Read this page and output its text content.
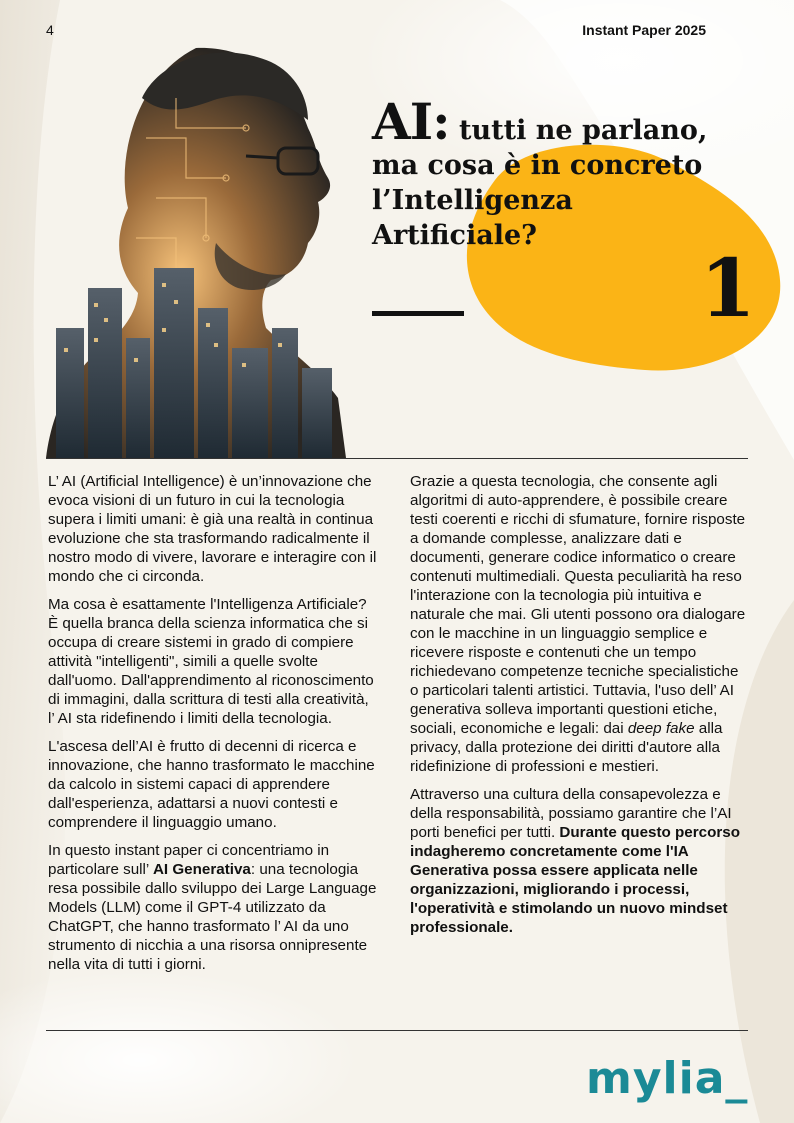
4	Instant Paper 2025
AI: tutti ne parlano,
ma cosa è in concreto
l’Intelligenza
Artificiale?
1

L’ AI (Artificial Intelligence) è un’innovazione che evoca visioni di un futuro in cui la tecnologia supera i limiti umani: è già una realtà in continua evoluzione che sta trasformando radicalmente il nostro modo di vivere, lavorare e interagire con il mondo che ci circonda.

Ma cosa è esattamente l'Intelligenza Artificiale? È quella branca della scienza informatica che si occupa di creare sistemi in grado di compiere attività "intelligenti", simili a quelle svolte dall'uomo. Dall'apprendimento al riconoscimento di immagini, dalla scrittura di testi alla creatività, l’ AI sta ridefinendo i limiti della tecnologia.

L'ascesa dell’AI è frutto di decenni di ricerca e innovazione, che hanno trasformato le macchine da calcolo in sistemi capaci di apprendere dall'esperienza, adattarsi a nuovi contesti e comprendere il linguaggio umano.

In questo instant paper ci concentriamo in particolare sull’ AI Generativa: una tecnologia resa possibile dallo sviluppo dei Large Language Models (LLM) come il GPT-4 utilizzato da ChatGPT, che hanno trasformato l’ AI da uno strumento di nicchia a una risorsa onnipresente nella vita di tutti i giorni.

Grazie a questa tecnologia, che consente agli algoritmi di auto-apprendere, è possibile creare testi coerenti e ricchi di sfumature, fornire risposte a domande complesse, analizzare dati e documenti, generare codice informatico o creare contenuti multimediali. Questa peculiarità ha reso l'interazione con la tecnologia più intuitiva e naturale che mai. Gli utenti possono ora dialogare con le macchine in un linguaggio semplice e ricevere risposte e contenuti che un tempo richiedevano competenze tecniche specialistiche o particolari talenti artistici. Tuttavia, l'uso dell’ AI generativa solleva importanti questioni etiche, sociali, economiche e legali: dai deep fake alla privacy, dalla protezione dei diritti d'autore alla ridefinizione di professioni e mestieri.

Attraverso una cultura della consapevolezza e della responsabilità, possiamo garantire che l’AI porti benefici per tutti. Durante questo percorso indagheremo concretamente come l'IA Generativa possa essere applicata nelle organizzazioni, migliorando i processi, l'operatività e stimolando un nuovo mindset professionale.

mylia_
